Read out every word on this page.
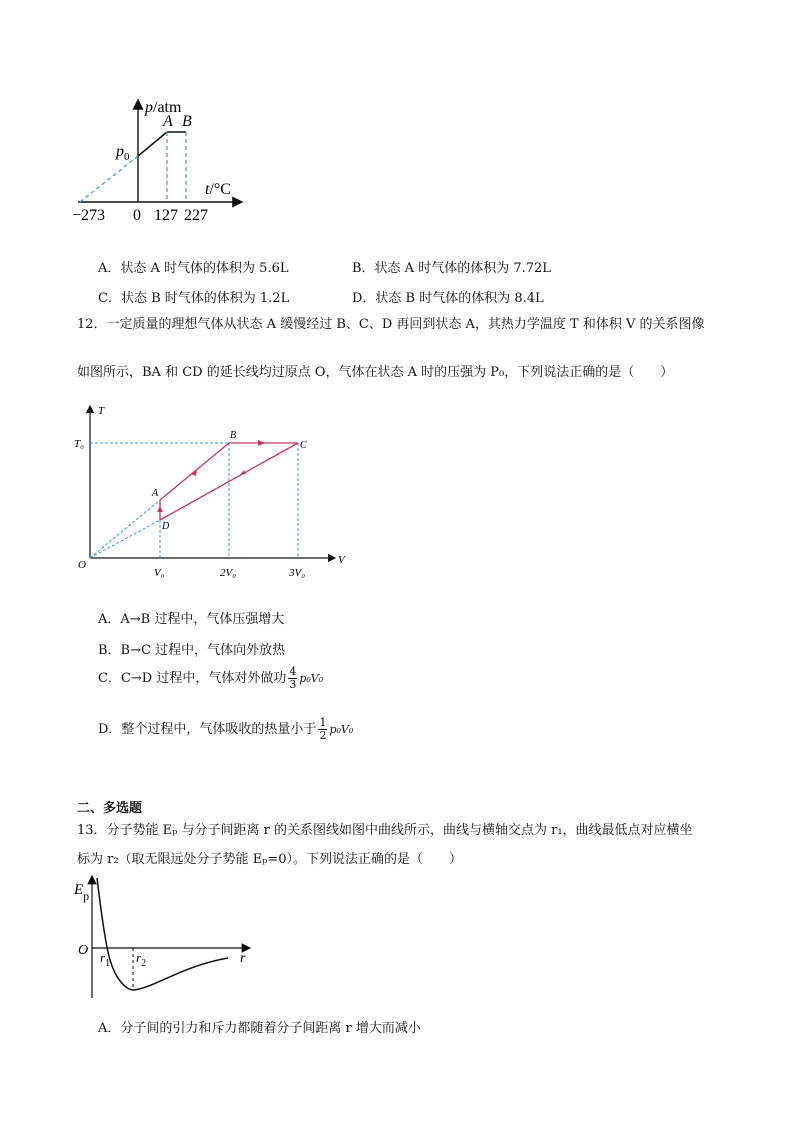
p/atm
t/°C
$p_0$
A B
−273 0 127 227
A．状态 A 时气体的体积为 5.6L	B．状态 A 时气体的体积为 7.72L
C．状态 B 时气体的体积为 1.2L	D．状态 B 时气体的体积为 8.4L
12．一定质量的理想气体从状态 A 缓慢经过 B、C、D 再回到状态 A，其热力学温度 T 和体积 V 的关系图像
如图所示，BA 和 CD 的延长线均过原点 O，气体在状态 A 时的压强为 P₀，下列说法正确的是（　　）
T
V
O
T₀
A
B
C
D
V₀	2V₀	3V₀
A．A→B 过程中，气体压强增大
B．B→C 过程中，气体向外放热
C．C→D 过程中，气体对外做功 $\frac{4}{3} p_0V_0$
D．整个过程中，气体吸收的热量小于 $\frac{1}{2} p_0V_0$
二、多选题
13．分子势能 Eₚ 与分子间距离 r 的关系图线如图中曲线所示，曲线与横轴交点为 r₁，曲线最低点对应横坐
标为 r₂（取无限远处分子势能 Eₚ=0）。下列说法正确的是（　　）
$E_p$
O
r
$r_1$ $r_2$
A．分子间的引力和斥力都随着分子间距离 r 增大而减小
